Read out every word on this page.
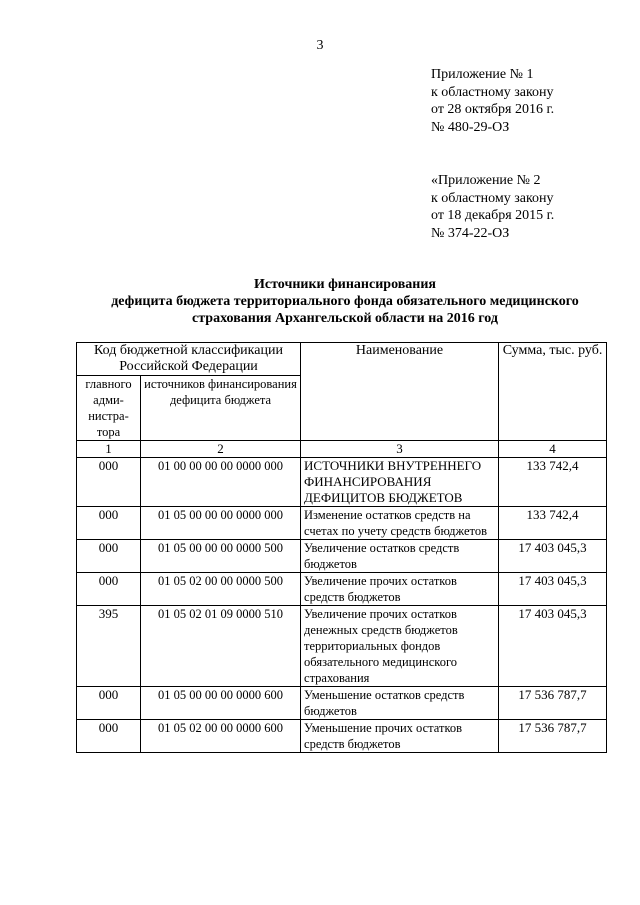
3
Приложение № 1
к областному закону
от 28 октября 2016 г.
№ 480-29-ОЗ
«Приложение № 2
к областному закону
от 18 декабря 2015 г.
№ 374-22-ОЗ
Источники финансирования
дефицита бюджета территориального фонда обязательного медицинского
страхования Архангельской области на 2016 год
Код бюджетной классификации Российской Федерации		Наименование	Сумма, тыс. руб.
главного адми-нистра-тора	источников финансирования дефицита бюджета		
1	2	3	4
000	01 00 00 00 00 0000 000	ИСТОЧНИКИ ВНУТРЕННЕГО ФИНАНСИРОВАНИЯ ДЕФИЦИТОВ БЮДЖЕТОВ	133 742,4
000	01 05 00 00 00 0000 000	Изменение остатков средств на счетах по учету средств бюджетов	133 742,4
000	01 05 00 00 00 0000 500	Увеличение остатков средств бюджетов	17 403 045,3
000	01 05 02 00 00 0000 500	Увеличение прочих остатков средств бюджетов	17 403 045,3
395	01 05 02 01 09 0000 510	Увеличение прочих остатков денежных средств бюджетов территориальных фондов обязательного медицинского страхования	17 403 045,3
000	01 05 00 00 00 0000 600	Уменьшение остатков средств бюджетов	17 536 787,7
000	01 05 02 00 00 0000 600	Уменьшение прочих остатков средств бюджетов	17 536 787,7
